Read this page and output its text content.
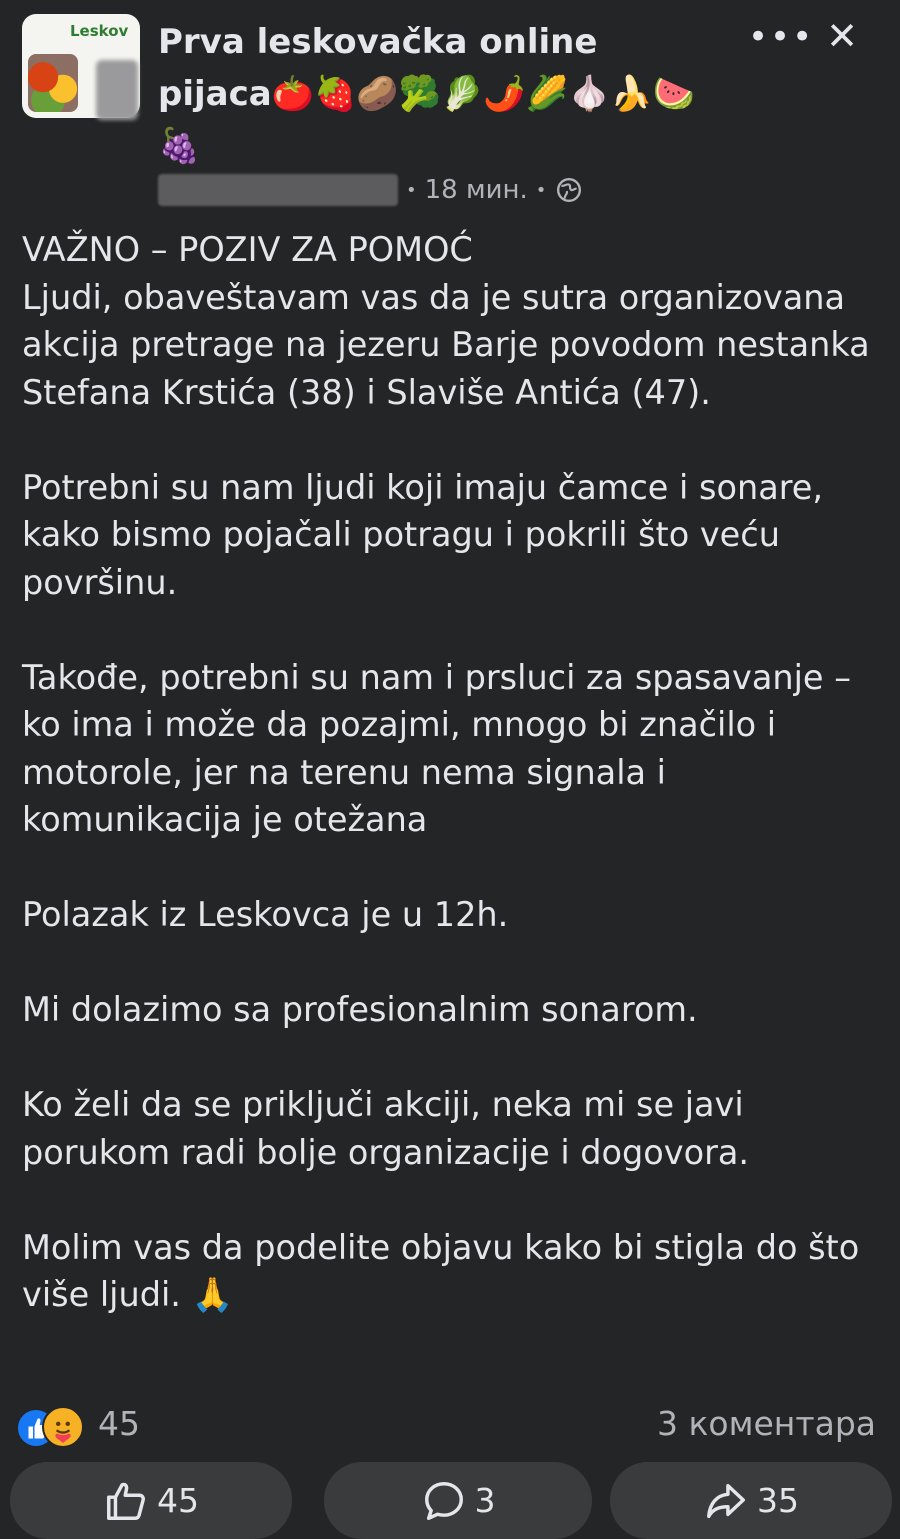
Leskov Prva leskovačka online pijaca🍅🍓🥔🥦🥬🌶️🌽🧄🍌🍉🍇
••• ✕
• 18 мин. •

VAŽNO – POZIV ZA POMOĆ
Ljudi, obaveštavam vas da je sutra organizovana akcija pretrage na jezeru Barje povodom nestanka Stefana Krstića (38) i Slaviše Antića (47).

Potrebni su nam ljudi koji imaju čamce i sonare, kako bismo pojačali potragu i pokrili što veću površinu.

Takođe, potrebni su nam i prsluci za spasavanje – ko ima i može da pozajmi, mnogo bi značilo i motorole, jer na terenu nema signala i komunikacija je otežana

Polazak iz Leskovca je u 12h.

Mi dolazimo sa profesionalnim sonarom.

Ko želi da se priključi akciji, neka mi se javi porukom radi bolje organizacije i dogovora.

Molim vas da podelite objavu kako bi stigla do što više ljudi. 🙏

45	3 коментара
45	3	35
